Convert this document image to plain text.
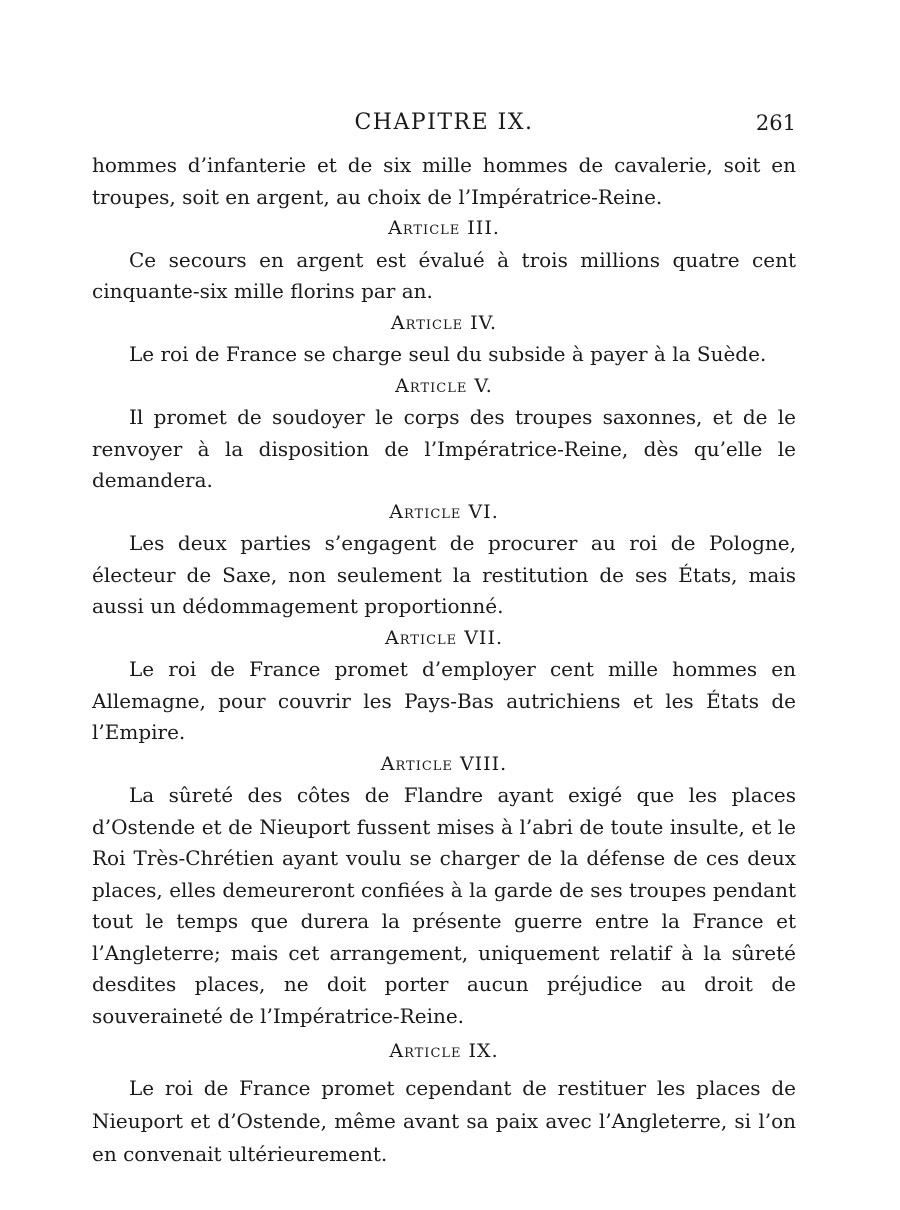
CHAPITRE IX.	261

hommes d’infanterie et de six mille hommes de cavalerie, soit en troupes, soit en argent, au choix de l’Impératrice-Reine.

Article III.

Ce secours en argent est évalué à trois millions quatre cent cinquante-six mille florins par an.

Article IV.

Le roi de France se charge seul du subside à payer à la Suède.

Article V.

Il promet de soudoyer le corps des troupes saxonnes, et de le renvoyer à la disposition de l’Impératrice-Reine, dès qu’elle le demandera.

Article VI.

Les deux parties s’engagent de procurer au roi de Pologne, électeur de Saxe, non seulement la restitution de ses États, mais aussi un dédommagement proportionné.

Article VII.

Le roi de France promet d’employer cent mille hommes en Allemagne, pour couvrir les Pays-Bas autrichiens et les États de l’Empire.

Article VIII.

La sûreté des côtes de Flandre ayant exigé que les places d’Ostende et de Nieuport fussent mises à l’abri de toute insulte, et le Roi Très-Chrétien ayant voulu se charger de la défense de ces deux places, elles demeureront confiées à la garde de ses troupes pendant tout le temps que durera la présente guerre entre la France et l’Angleterre; mais cet arrangement, uniquement relatif à la sûreté desdites places, ne doit porter aucun préjudice au droit de souveraineté de l’Impératrice-Reine.

Article IX.

Le roi de France promet cependant de restituer les places de Nieuport et d’Ostende, même avant sa paix avec l’Angleterre, si l’on en convenait ultérieurement.
